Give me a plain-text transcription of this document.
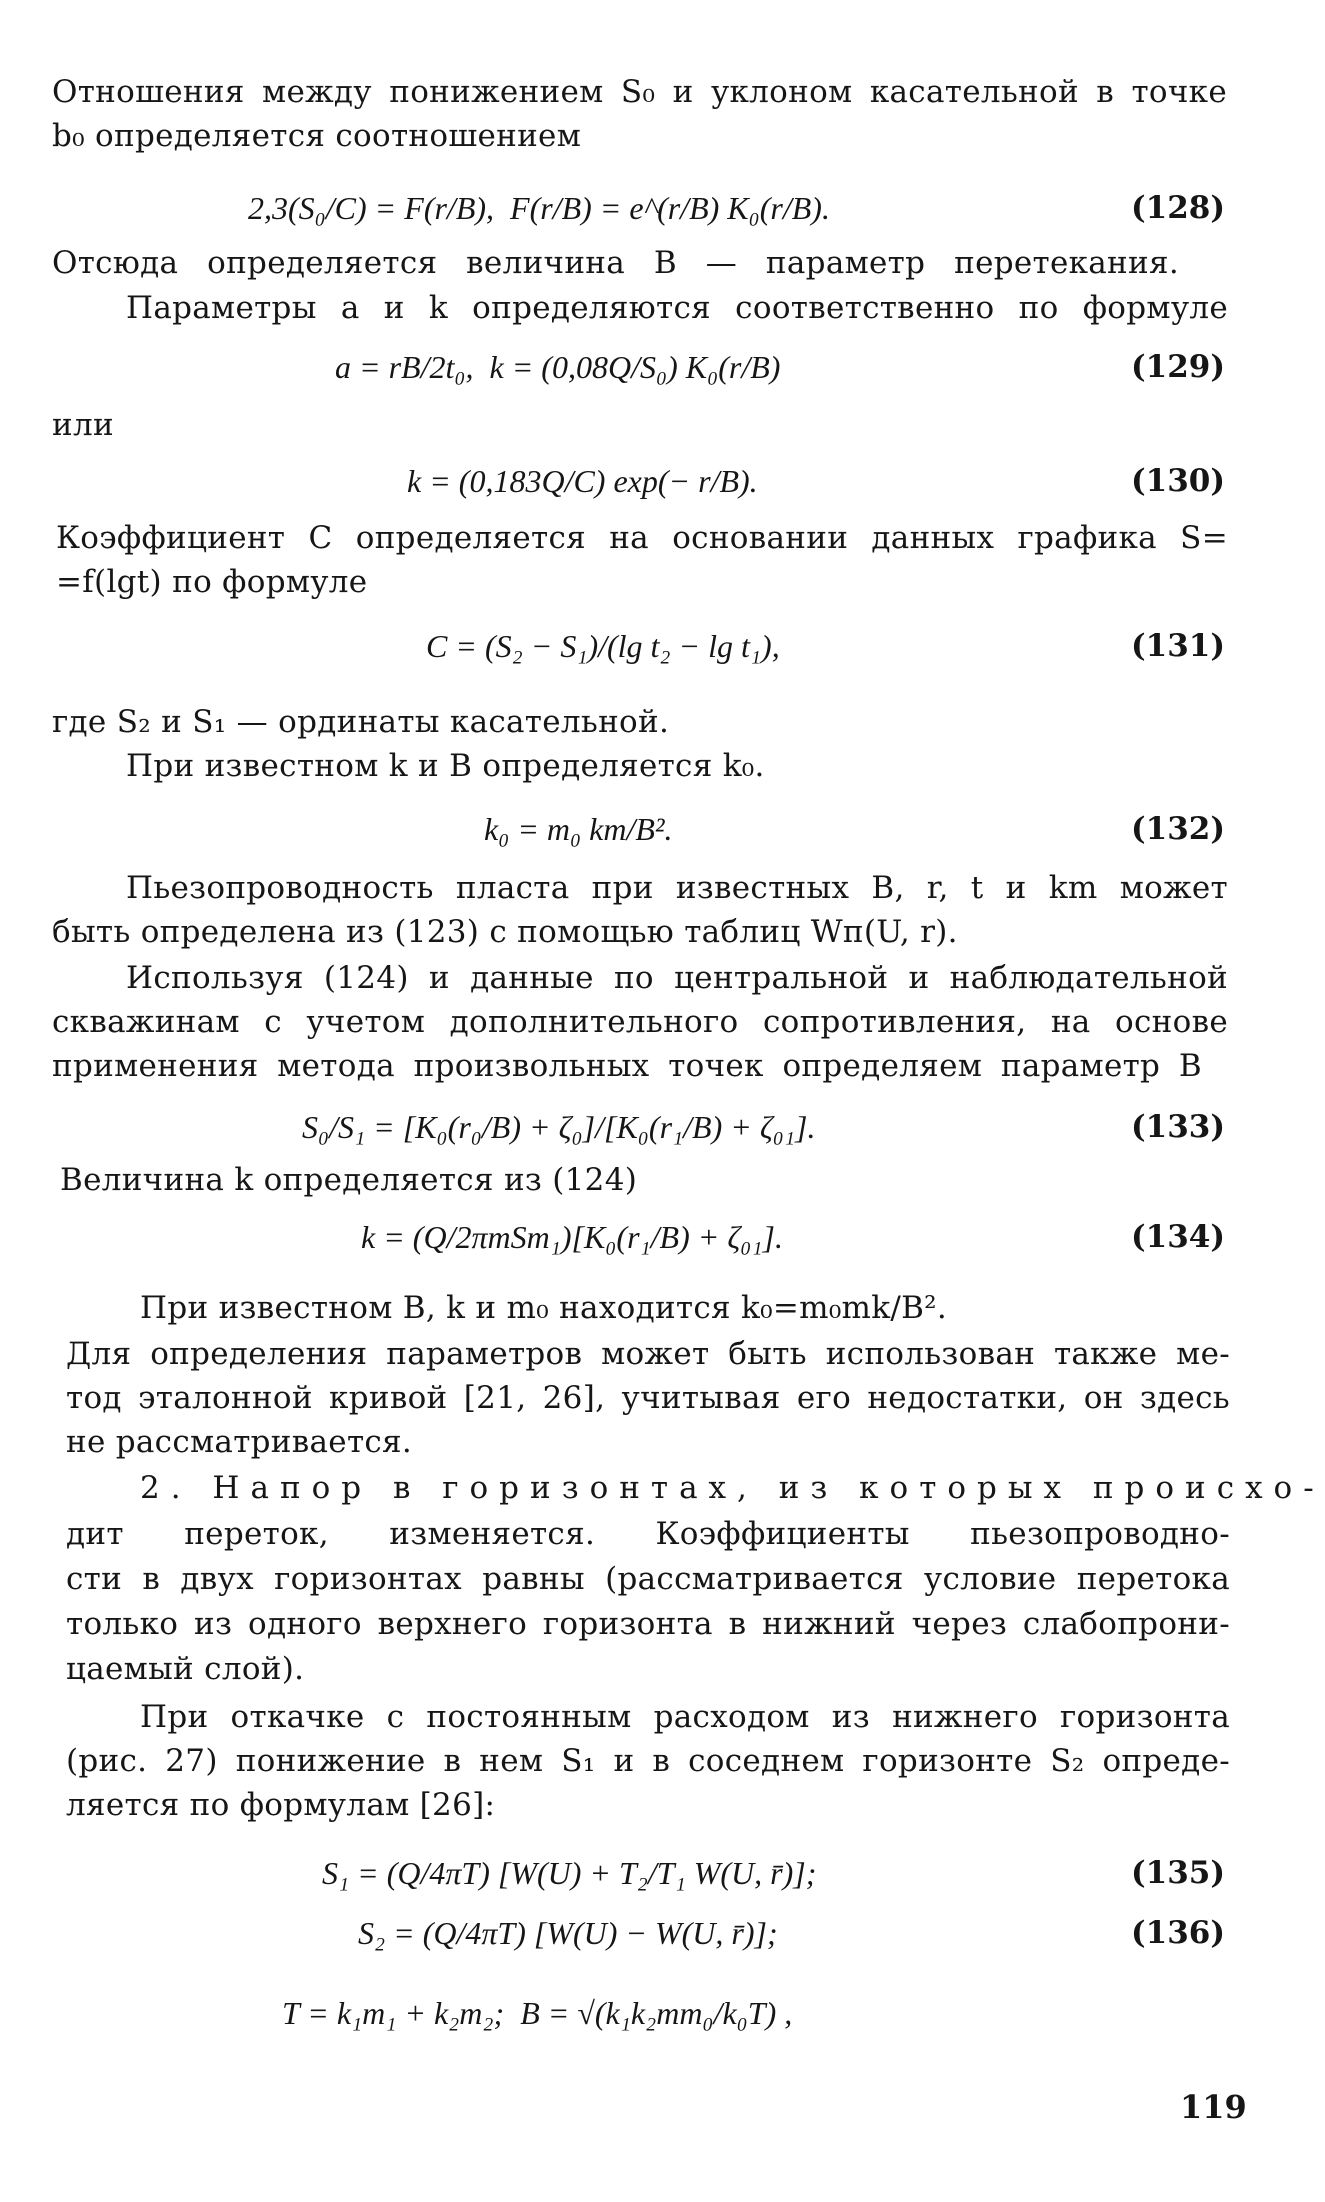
Отношения между понижением S₀ и уклоном касательной в точке
b₀ определяется соотношением
2,3(S₀/C) = F(r/B),  F(r/B) = e^(r/B) K₀(r/B).	(128)
Отсюда определяется величина B — параметр перетекания.
Параметры a и k определяются соответственно по формуле
a = rB/2t₀,  k = (0,08Q/S₀) K₀(r/B)	(129)
или
k = (0,183Q/C) exp(− r/B).	(130)
Коэффициент C определяется на основании данных графика S=
=f(lgt) по формуле
C = (S₂ − S₁)/(lg t₂ − lg t₁),	(131)
где S₂ и S₁ — ординаты касательной.
При известном k и B определяется k₀.
k₀ = m₀ km/B².	(132)
Пьезопроводность пласта при известных B, r, t и km может
быть определена из (123) с помощью таблиц Wп(U, r).
Используя (124) и данные по центральной и наблюдательной
скважинам с учетом дополнительного сопротивления, на основе
применения метода произвольных точек определяем параметр B
S₀/S₁ = [K₀(r₀/B) + ζ₀]/[K₀(r₁/B) + ζ₀₁].	(133)
Величина k определяется из (124)
k = (Q/2πmSm₁)[K₀(r₁/B) + ζ₀₁].	(134)
При известном B, k и m₀ находится k₀=m₀mk/B².
Для определения параметров может быть использован также ме-
тод эталонной кривой [21, 26], учитывая его недостатки, он здесь
не рассматривается.
2. Напор в горизонтах, из которых происхо-
дит переток, изменяется. Коэффициенты пьезопроводно-
сти в двух горизонтах равны (рассматривается условие перетока
только из одного верхнего горизонта в нижний через слабопрони-
цаемый слой).
При откачке с постоянным расходом из нижнего горизонта
(рис. 27) понижение в нем S₁ и в соседнем горизонте S₂ опреде-
ляется по формулам [26]:
S₁ = (Q/4πT) [W(U) + T₂/T₁ W(U, r̄)];	(135)
S₂ = (Q/4πT) [W(U) − W(U, r̄)];	(136)
T = k₁m₁ + k₂m₂;  B = √(k₁k₂mm₀/k₀T) ,
119
